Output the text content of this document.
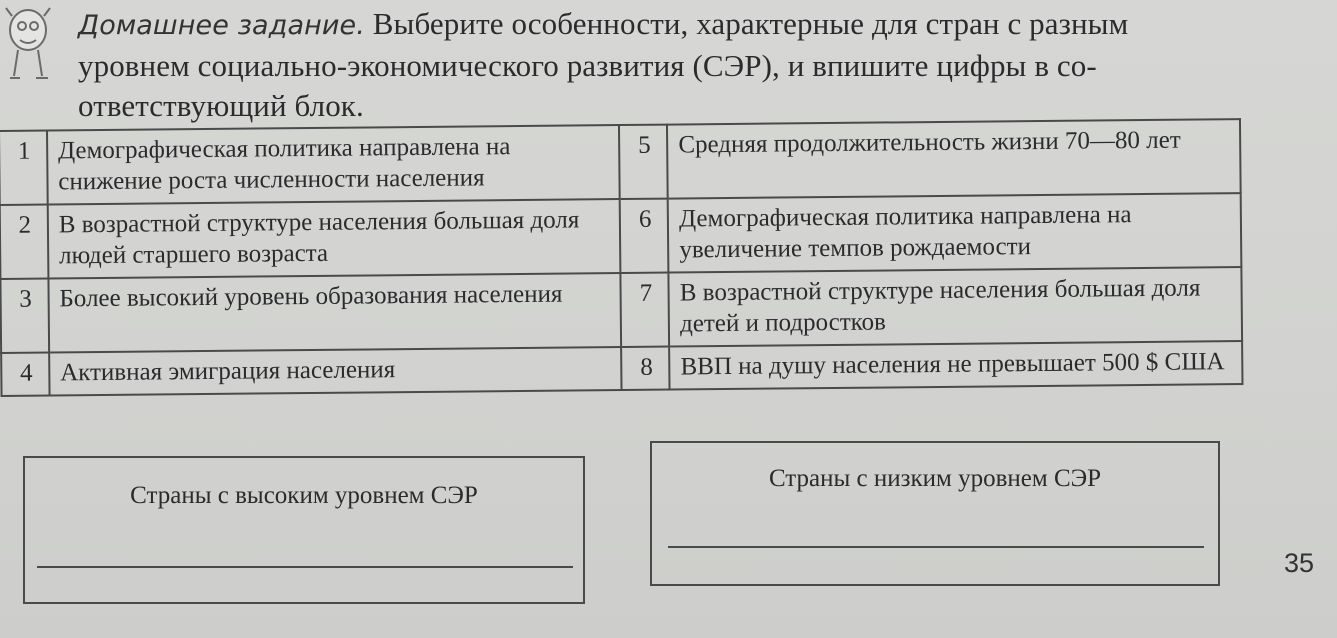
Домашнее задание. Выберите особенности, характерные для стран с разным
уровнем социально-экономического развития (СЭР), и впишите цифры в со-
ответствующий блок.
1	Демографическая политика направлена на снижение роста численности населения	5	Средняя продолжительность жизни 70—80 лет
2	В возрастной структуре населения большая доля людей старшего возраста	6	Демографическая политика направлена на увеличение темпов рождаемости
3	Более высокий уровень образования населения	7	В возрастной структуре населения большая доля детей и подростков
4	Активная эмиграция населения	8	ВВП на душу населения не превышает 500 $ США
Страны с высоким уровнем СЭР
Страны с низким уровнем СЭР
35
